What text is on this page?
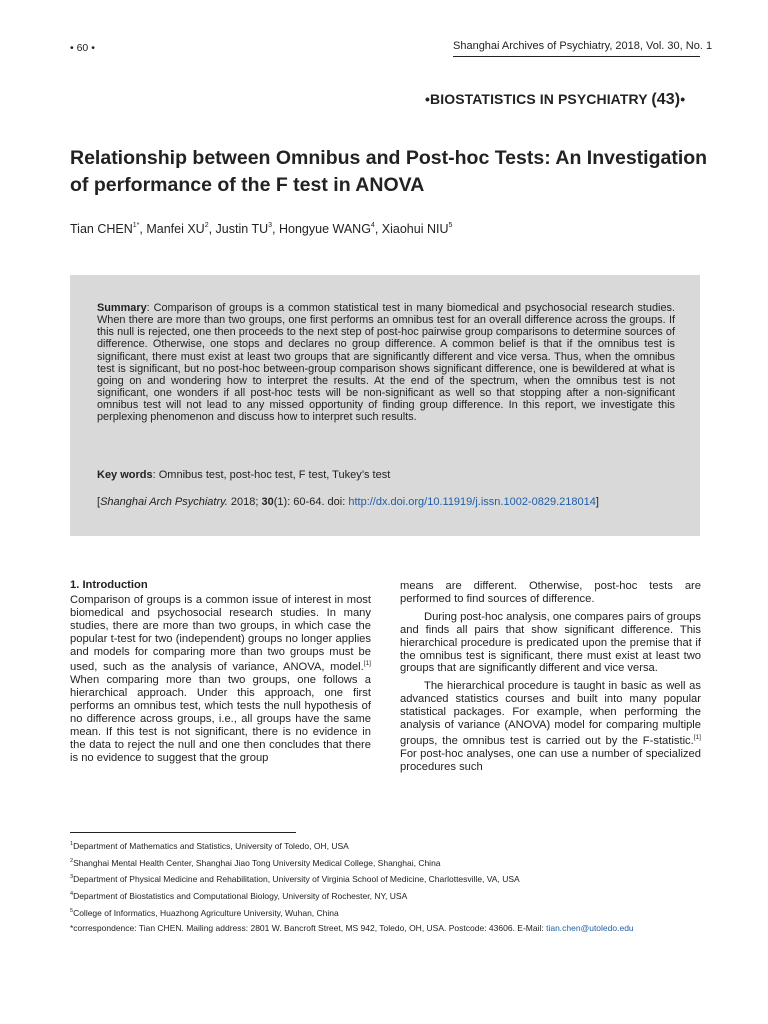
• 60 •	Shanghai Archives of Psychiatry, 2018, Vol. 30, No. 1
•BIOSTATISTICS IN PSYCHIATRY (43)•
Relationship between Omnibus and Post-hoc Tests: An Investigation of performance of the F test in ANOVA
Tian $CHEN^{1*}$, Manfei $XU^2$, Justin $TU^3$, Hongyue WANG$^4$, Xiaohui NIU$^5$
Summary: Comparison of groups is a common statistical test in many biomedical and psychosocial research studies. When there are more than two groups, one first performs an omnibus test for an overall difference across the groups. If this null is rejected, one then proceeds to the next step of post-hoc pairwise group comparisons to determine sources of difference. Otherwise, one stops and declares no group difference. A common belief is that if the omnibus test is significant, there must exist at least two groups that are significantly different and vice versa. Thus, when the omnibus test is significant, but no post-hoc between-group comparison shows significant difference, one is bewildered at what is going on and wondering how to interpret the results. At the end of the spectrum, when the omnibus test is not significant, one wonders if all post-hoc tests will be non-significant as well so that stopping after a non-significant omnibus test will not lead to any missed opportunity of finding group difference. In this report, we investigate this perplexing phenomenon and discuss how to interpret such results.
Key words: Omnibus test, post-hoc test, F test, Tukey’s test
[Shanghai Arch Psychiatry. 2018; 30(1): 60-64. doi: http://dx.doi.org/10.11919/j.issn.1002-0829.218014]
1. Introduction

Comparison of groups is a common issue of interest in most biomedical and psychosocial research studies. In many studies, there are more than two groups, in which case the popular t-test for two (independent) groups no longer applies and models for comparing more than two groups must be used, such as the analysis of variance, ANOVA, model.[1] When comparing more than two groups, one follows a hierarchical approach. Under this approach, one first performs an omnibus test, which tests the null hypothesis of no difference across groups, i.e., all groups have the same mean. If this test is not significant, there is no evidence in the data to reject the null and one then concludes that there is no evidence to suggest that the group

means are different. Otherwise, post-hoc tests are performed to find sources of difference.

During post-hoc analysis, one compares pairs of groups and finds all pairs that show significant difference. This hierarchical procedure is predicated upon the premise that if the omnibus test is significant, there must exist at least two groups that are significantly different and vice versa.

The hierarchical procedure is taught in basic as well as advanced statistics courses and built into many popular statistical packages. For example, when performing the analysis of variance (ANOVA) model for comparing multiple groups, the omnibus test is carried out by the F-statistic.[1] For post-hoc analyses, one can use a number of specialized procedures such

$^1$Department of Mathematics and Statistics, University of Toledo, OH, USA
$^2$Shanghai Mental Health Center, Shanghai Jiao Tong University Medical College, Shanghai, China
$^3$Department of Physical Medicine and Rehabilitation, University of Virginia School of Medicine, Charlottesville, VA, USA
$^4$Department of Biostatistics and Computational Biology, University of Rochester, NY, USA
$^5$College of Informatics, Huazhong Agriculture University, Wuhan, China
*correspondence: Tian CHEN. Mailing address: 2801 W. Bancroft Street, MS 942, Toledo, OH, USA. Postcode: 43606. E-Mail: tian.chen@utoledo.edu
